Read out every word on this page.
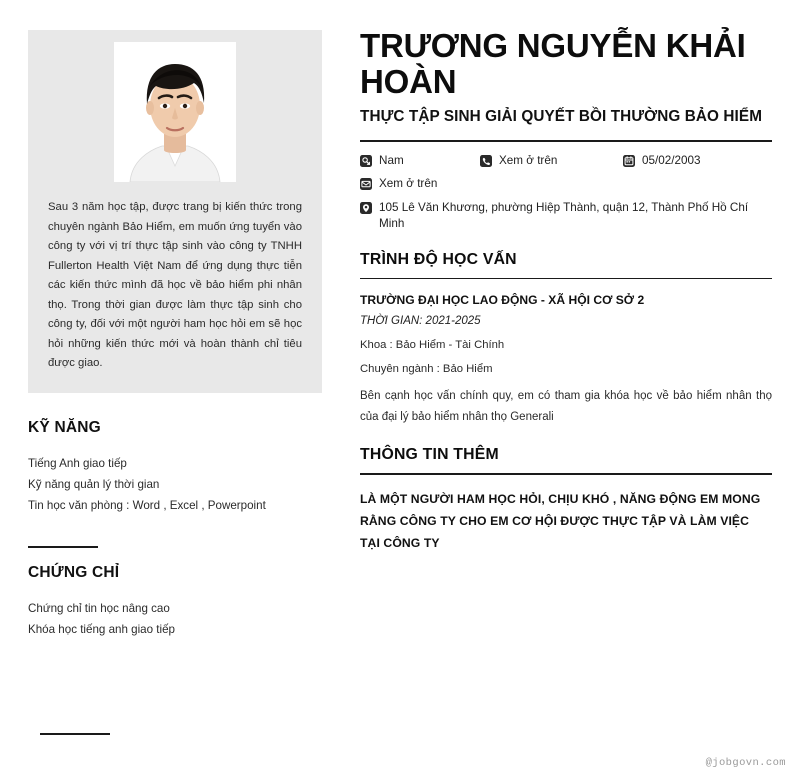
Sau 3 năm học tập, được trang bị kiến thức trong chuyên ngành Bảo Hiểm, em muốn ứng tuyển vào công ty với vị trí thực tập sinh vào công ty TNHH Fullerton Health Việt Nam để ứng dụng thực tiễn các kiến thức mình đã học về bảo hiểm phi nhân thọ. Trong thời gian được làm thực tập sinh cho công ty, đối với một người ham học hỏi em sẽ học hỏi những kiến thức mới và hoàn thành chỉ tiêu được giao.
KỸ NĂNG
Tiếng Anh giao tiếp
Kỹ năng quản lý thời gian
Tin học văn phòng : Word , Excel , Powerpoint
CHỨNG CHỈ
Chứng chỉ tin học nâng cao
Khóa học tiếng anh giao tiếp
TRƯƠNG NGUYỄN KHẢI HOÀN
THỰC TẬP SINH GIẢI QUYẾT BỒI THƯỜNG BẢO HIỂM
Nam	Xem ở trên	05/02/2003
Xem ở trên
105 Lê Văn Khương, phường Hiệp Thành, quận 12, Thành Phố Hồ Chí Minh
TRÌNH ĐỘ HỌC VẤN
TRƯỜNG ĐẠI HỌC LAO ĐỘNG - XÃ HỘI CƠ SỞ 2
THỜI GIAN: 2021-2025
Khoa : Bảo Hiểm - Tài Chính
Chuyên ngành : Bảo Hiểm
Bên cạnh học vấn chính quy, em có tham gia khóa học về bảo hiểm nhân thọ của đại lý bảo hiểm nhân thọ Generali
THÔNG TIN THÊM
LÀ MỘT NGƯỜI HAM HỌC HỎI, CHỊU KHÓ , NĂNG ĐỘNG EM MONG RẰNG CÔNG TY CHO EM CƠ HỘI ĐƯỢC THỰC TẬP VÀ LÀM VIỆC TẠI CÔNG TY
@jobgovn.com
